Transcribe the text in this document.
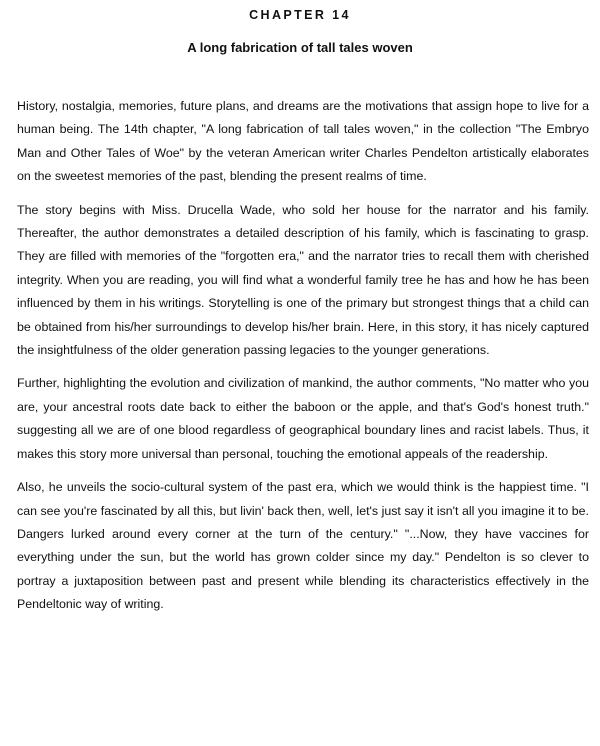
CHAPTER 14
A long fabrication of tall tales woven

History, nostalgia, memories, future plans, and dreams are the motivations that assign hope to live for a human being. The 14th chapter, "A long fabrication of tall tales woven," in the collection "The Embryo Man and Other Tales of Woe" by the veteran American writer Charles Pendelton artistically elaborates on the sweetest memories of the past, blending the present realms of time.

The story begins with Miss. Drucella Wade, who sold her house for the narrator and his family. Thereafter, the author demonstrates a detailed description of his family, which is fascinating to grasp. They are filled with memories of the "forgotten era," and the narrator tries to recall them with cherished integrity. When you are reading, you will find what a wonderful family tree he has and how he has been influenced by them in his writings. Storytelling is one of the primary but strongest things that a child can be obtained from his/her surroundings to develop his/her brain. Here, in this story, it has nicely captured the insightfulness of the older generation passing legacies to the younger generations.

Further, highlighting the evolution and civilization of mankind, the author comments, "No matter who you are, your ancestral roots date back to either the baboon or the apple, and that's God's honest truth." suggesting all we are of one blood regardless of geographical boundary lines and racist labels. Thus, it makes this story more universal than personal, touching the emotional appeals of the readership.

Also, he unveils the socio-cultural system of the past era, which we would think is the happiest time. "I can see you're fascinated by all this, but livin' back then, well, let's just say it isn't all you imagine it to be. Dangers lurked around every corner at the turn of the century." "...Now, they have vaccines for everything under the sun, but the world has grown colder since my day." Pendelton is so clever to portray a juxtaposition between past and present while blending its characteristics effectively in the Pendeltonic way of writing.
